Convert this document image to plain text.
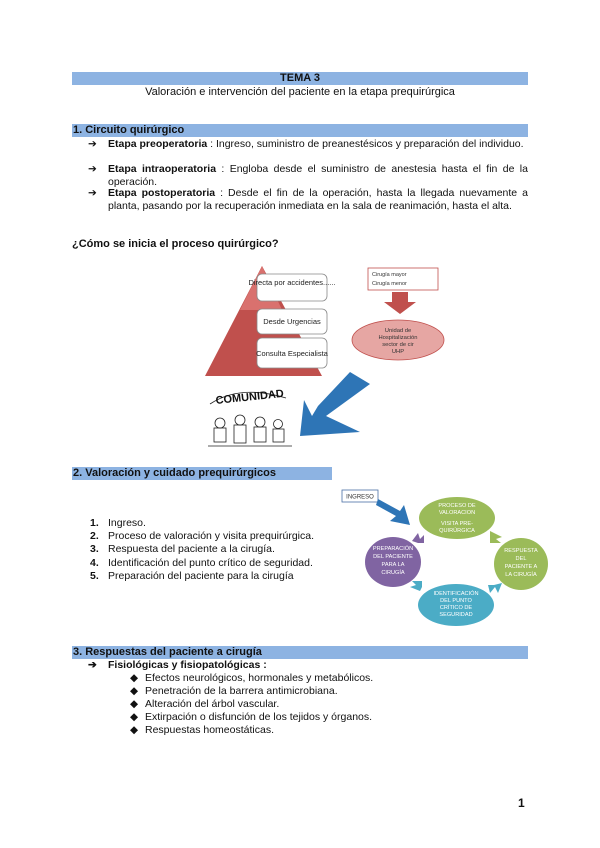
TEMA 3
Valoración e intervención del paciente en la etapa prequirúrgica
1. Circuito quirúrgico
➔ Etapa preoperatoria : Ingreso, suministro de preanestésicos y preparación del individuo.
➔ Etapa intraoperatoria : Engloba desde el suministro de anestesia hasta el fin de la operación.
➔ Etapa postoperatoria : Desde el fin de la operación, hasta la llegada nuevamente a planta, pasando por la recuperación inmediata en la sala de reanimación, hasta el alta.
¿Cómo se inicia el proceso quirúrgico?
Directa por accidentes......
Desde Urgencias
Consulta Especialista
Cirugía mayor
Cirugía menor
Unidad de
Hospitalización
sector de cir
UHP
COMUNIDAD
2. Valoración y cuidado prequirúrgicos
1. Ingreso.
2. Proceso de valoración y visita prequirúrgica.
3. Respuesta del paciente a la cirugía.
4. Identificación del punto crítico de seguridad.
5. Preparación del paciente para la cirugía
INGRESO
PROCESO DE
VALORACION
VISITA PRE-
QUIRÚRGICA
RESPUESTA
DEL
PACIENTE A
LA CIRUGÍA
IDENTIFICACIÓN
DEL PUNTO
CRÍTICO DE
SEGURIDAD
PREPARACIÓN
DEL PACIENTE
PARA LA
CIRUGÍA
3. Respuestas del paciente a cirugía
➔ Fisiológicas y fisiopatológicas :
◆ Efectos neurológicos, hormonales y metabólicos.
◆ Penetración de la barrera antimicrobiana.
◆ Alteración del árbol vascular.
◆ Extirpación o disfunción de los tejidos y órganos.
◆ Respuestas homeostáticas.
1
